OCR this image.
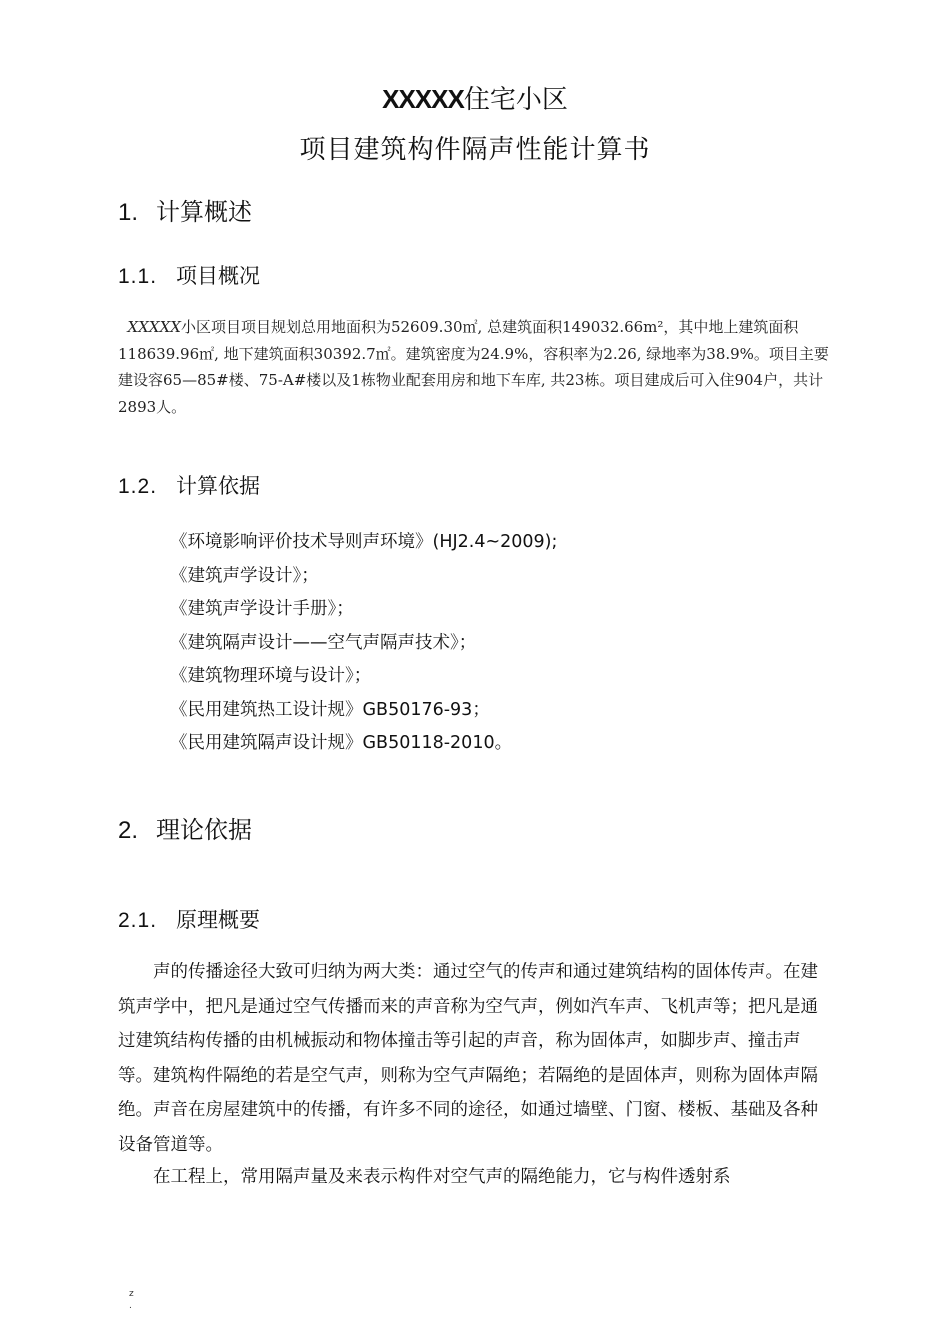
XXXXX住宅小区
项目建筑构件隔声性能计算书
1. 计算概述
1.1. 项目概况
XXXXX小区项目项目规划总用地面积为52609.30㎡, 总建筑面积149032.66m²，其中地上建筑面积118639.96㎡, 地下建筑面积30392.7㎡。建筑密度为24.9%，容积率为2.26, 绿地率为38.9%。项目主要建设容65—85#楼、75-A#楼以及1栋物业配套用房和地下车库, 共23栋。项目建成后可入住904户，共计2893人。
1.2. 计算依据
《环境影响评价技术导则声环境》(HJ2.4~2009);
《建筑声学设计》；
《建筑声学设计手册》；
《建筑隔声设计——空气声隔声技术》；
《建筑物理环境与设计》；
《民用建筑热工设计规》GB50176-93；
《民用建筑隔声设计规》GB50118-2010。
2. 理论依据
2.1. 原理概要
声的传播途径大致可归纳为两大类：通过空气的传声和通过建筑结构的固体传声。在建筑声学中，把凡是通过空气传播而来的声音称为空气声，例如汽车声、飞机声等；把凡是通过建筑结构传播的由机械振动和物体撞击等引起的声音，称为固体声，如脚步声、撞击声等。建筑构件隔绝的若是空气声，则称为空气声隔绝；若隔绝的是固体声，则称为固体声隔绝。声音在房屋建筑中的传播，有许多不同的途径，如通过墙壁、门窗、楼板、基础及各种设备管道等。
在工程上，常用隔声量及来表示构件对空气声的隔绝能力，它与构件透射系
z
.
